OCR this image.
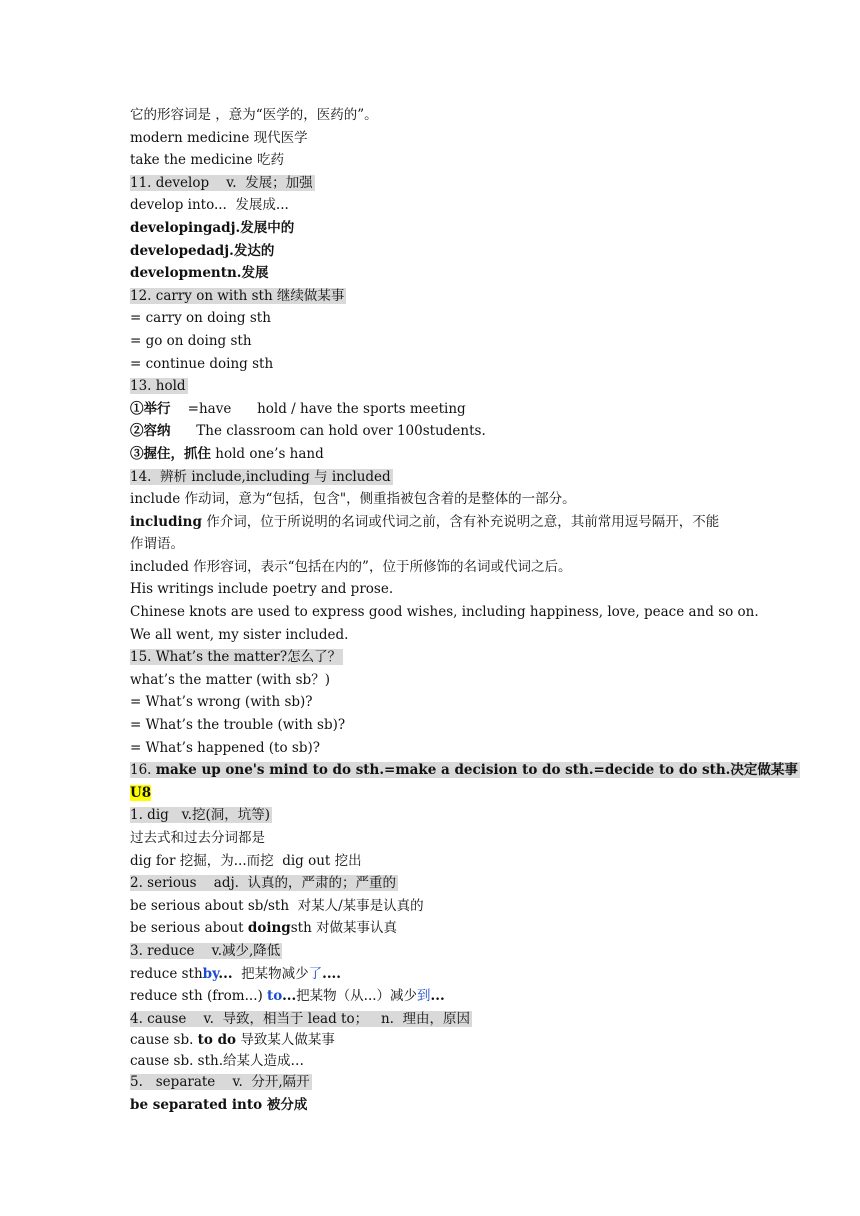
它的形容词是 ，意为“医学的，医药的”。
modern medicine 现代医学
take the medicine 吃药
11. develop    v.  发展；加强
develop into...  发展成...
developingadj.发展中的
developedadj.发达的
developmentn.发展
12. carry on with sth 继续做某事
= carry on doing sth
= go on doing sth
= continue doing sth
13. hold
①举行    =have      hold / have the sports meeting
②容纳      The classroom can hold over 100students.
③握住，抓住 hold one’s hand
14.  辨析 include,including 与 included
include 作动词，意为“包括，包含"，侧重指被包含着的是整体的一部分。
including 作介词，位于所说明的名词或代词之前，含有补充说明之意，其前常用逗号隔开，不能作谓语。
included 作形容词，表示“包括在内的”，位于所修饰的名词或代词之后。
His writings include poetry and prose.
Chinese knots are used to express good wishes, including happiness, love, peace and so on.
We all went, my sister included.
15. What’s the matter?怎么了？
what’s the matter (with sb？)
= What’s wrong (with sb)?
= What’s the trouble (with sb)?
= What’s happened (to sb)?
16. make up one's mind to do sth.=make a decision to do sth.=decide to do sth.决定做某事
U8
1. dig   v.挖(洞，坑等)
过去式和过去分词都是
dig for 挖掘，为...而挖  dig out 挖出
2. serious    adj.  认真的，严肃的；严重的
be serious about sb/sth  对某人/某事是认真的
be serious about doingsth 对做某事认真
3. reduce    v.减少,降低
reduce sthby...  把某物减少了....
reduce sth (from...) to...把某物（从...）减少到...
4. cause    v.  导致，相当于 lead to；   n.  理由，原因
cause sb. to do 导致某人做某事
cause sb. sth.给某人造成…
5.   separate    v.  分开,隔开
be separated into 被分成
